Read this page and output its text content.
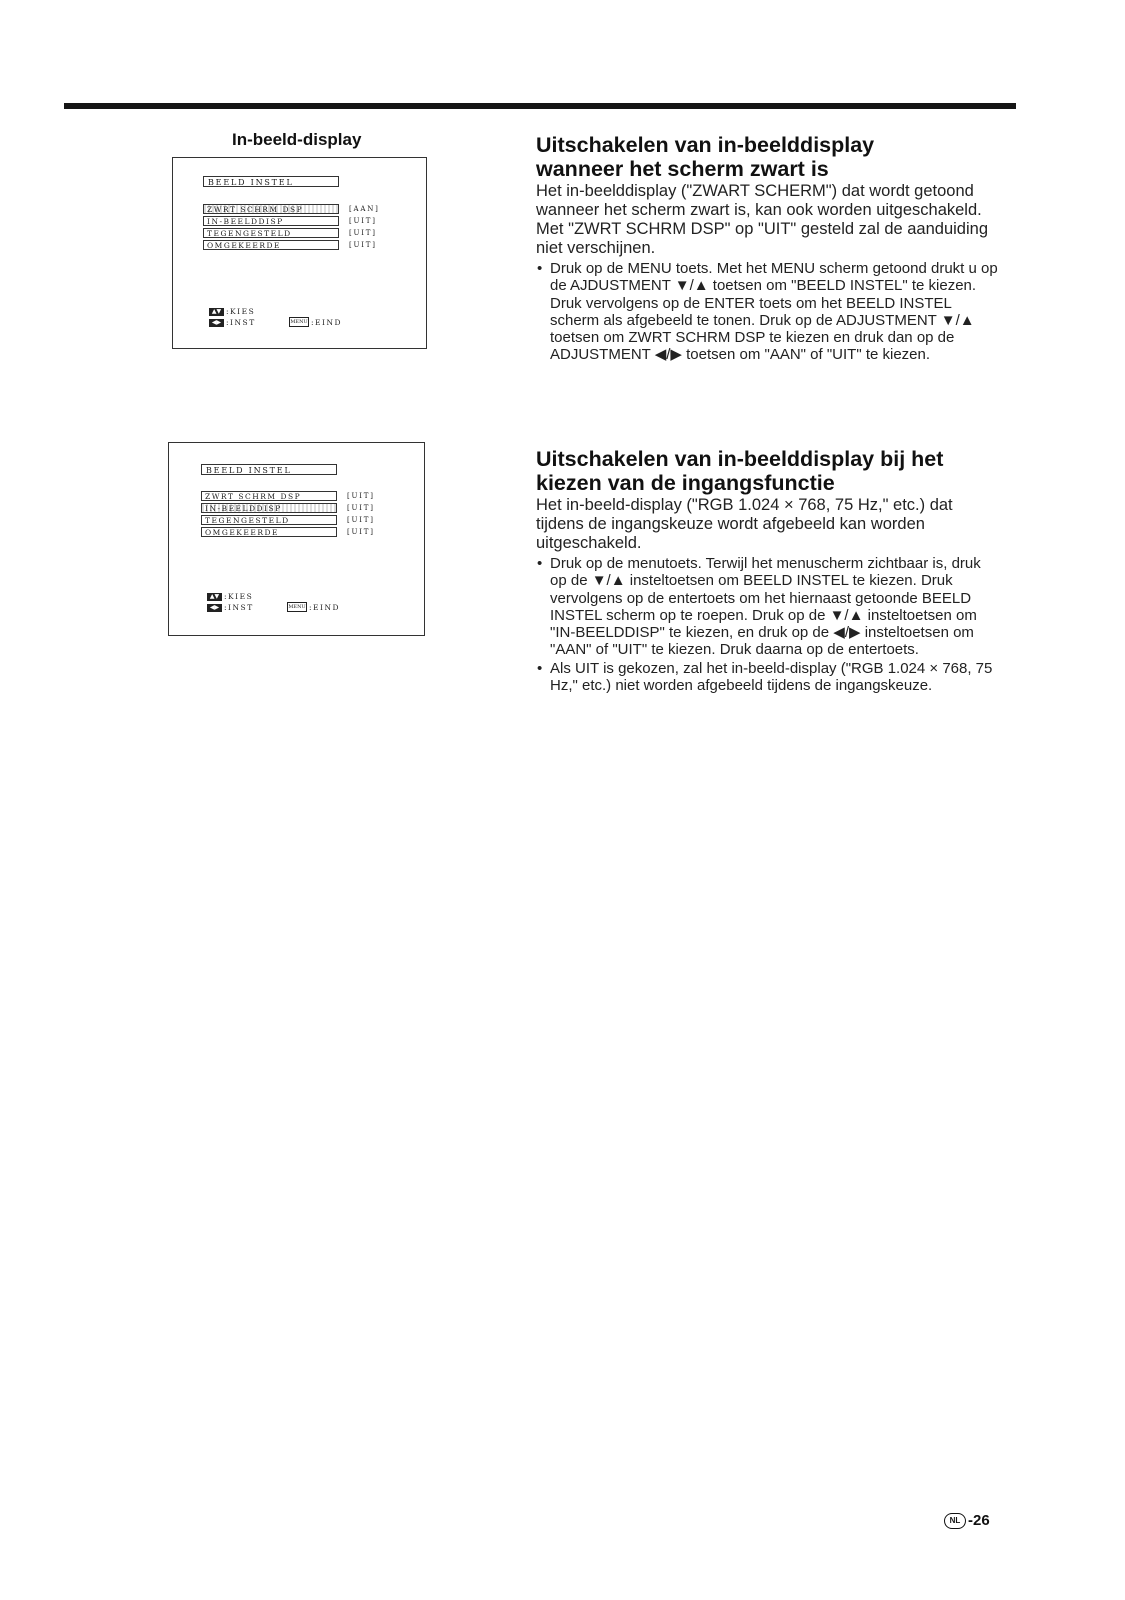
In-beeld-display
BEELD INSTEL
ZWRT SCHRM DSP	[AAN]
IN-BEELDDISP	[UIT]
TEGENGESTELD	[UIT]
OMGEKEERDE	[UIT]
▲▼ :KIES
◀▶ :INST	MENU :EIND
BEELD INSTEL
ZWRT SCHRM DSP	[UIT]
IN-BEELDDISP	[UIT]
TEGENGESTELD	[UIT]
OMGEKEERDE	[UIT]
▲▼ :KIES
◀▶ :INST	MENU :EIND
Uitschakelen van in-beelddisplay
wanneer het scherm zwart is

Het in-beelddisplay ("ZWART SCHERM") dat wordt getoond wanneer het scherm zwart is, kan ook worden uitgeschakeld. Met "ZWRT SCHRM DSP" op "UIT" gesteld zal de aanduiding niet verschijnen.

• Druk op de MENU toets. Met het MENU scherm getoond drukt u op de AJDUSTMENT ▼/▲ toetsen om "BEELD INSTEL" te kiezen. Druk vervolgens op de ENTER toets om het BEELD INSTEL scherm als afgebeeld te tonen. Druk op de ADJUSTMENT ▼/▲ toetsen om ZWRT SCHRM DSP te kiezen en druk dan op de ADJUSTMENT ◀/▶ toetsen om "AAN" of "UIT" te kiezen.
Uitschakelen van in-beelddisplay bij het
kiezen van de ingangsfunctie

Het in-beeld-display ("RGB 1.024 × 768, 75 Hz," etc.) dat tijdens de ingangskeuze wordt afgebeeld kan worden uitgeschakeld.

• Druk op de menutoets. Terwijl het menuscherm zichtbaar is, druk op de ▼/▲ insteltoetsen om BEELD INSTEL te kiezen. Druk vervolgens op de entertoets om het hiernaast getoonde BEELD INSTEL scherm op te roepen. Druk op de ▼/▲ insteltoetsen om "IN-BEELDDISP" te kiezen, en druk op de ◀/▶ insteltoetsen om "AAN" of "UIT" te kiezen. Druk daarna op de entertoets.
• Als UIT is gekozen, zal het in-beeld-display ("RGB 1.024 × 768, 75 Hz," etc.) niet worden afgebeeld tijdens de ingangskeuze.
NL -26
